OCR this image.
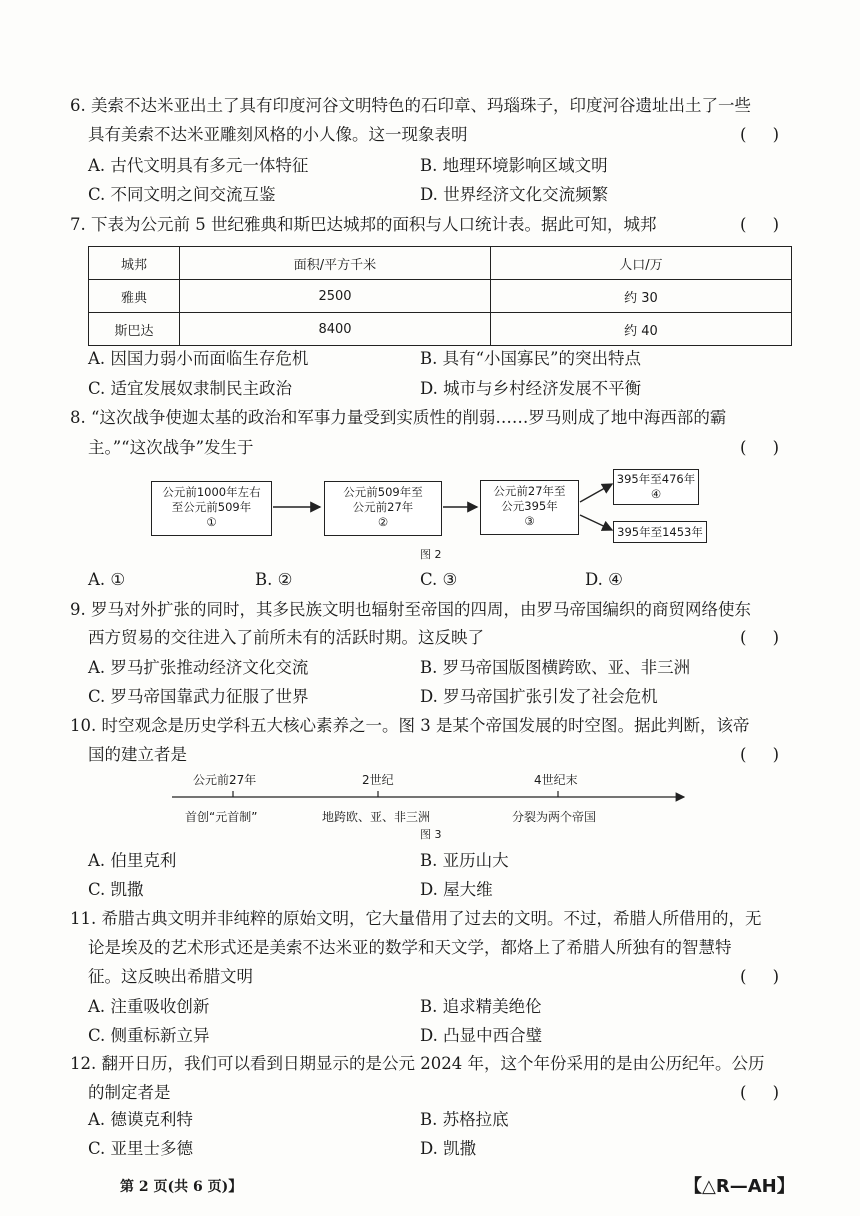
6. 美索不达米亚出土了具有印度河谷文明特色的石印章、玛瑙珠子，印度河谷遗址出土了一些
具有美索不达米亚雕刻风格的小人像。这一现象表明	(     )
A. 古代文明具有多元一体特征	B. 地理环境影响区域文明
C. 不同文明之间交流互鉴	D. 世界经济文化交流频繁
7. 下表为公元前 5 世纪雅典和斯巴达城邦的面积与人口统计表。据此可知，城邦	(     )
城邦	面积/平方千米	人口/万
雅典	2500	约 30
斯巴达	8400	约 40
A. 因国力弱小而面临生存危机	B. 具有“小国寡民”的突出特点
C. 适宜发展奴隶制民主政治	D. 城市与乡村经济发展不平衡
8. “这次战争使迦太基的政治和军事力量受到实质性的削弱……罗马则成了地中海西部的霸
主。”“这次战争”发生于	(     )
公元前1000年左右
至公元前509年
①
公元前509年至
公元前27年
②
公元前27年至
公元395年
③
395年至476年
④
395年至1453年
图 2
A. ①	B. ②	C. ③	D. ④
9. 罗马对外扩张的同时，其多民族文明也辐射至帝国的四周，由罗马帝国编织的商贸网络使东
西方贸易的交往进入了前所未有的活跃时期。这反映了	(     )
A. 罗马扩张推动经济文化交流	B. 罗马帝国版图横跨欧、亚、非三洲
C. 罗马帝国靠武力征服了世界	D. 罗马帝国扩张引发了社会危机
10. 时空观念是历史学科五大核心素养之一。图 3 是某个帝国发展的时空图。据此判断，该帝
国的建立者是	(     )
公元前27年	2世纪	4世纪末
首创“元首制”	地跨欧、亚、非三洲	分裂为两个帝国
图 3
A. 伯里克利	B. 亚历山大
C. 凯撒	D. 屋大维
11. 希腊古典文明并非纯粹的原始文明，它大量借用了过去的文明。不过，希腊人所借用的，无
论是埃及的艺术形式还是美索不达米亚的数学和天文学，都烙上了希腊人所独有的智慧特
征。这反映出希腊文明	(     )
A. 注重吸收创新	B. 追求精美绝伦
C. 侧重标新立异	D. 凸显中西合璧
12. 翻开日历，我们可以看到日期显示的是公元 2024 年，这个年份采用的是由公历纪年。公历
的制定者是	(     )
A. 德谟克利特	B. 苏格拉底
C. 亚里士多德	D. 凯撒
第 2 页(共 6 页)】	【△R—AH】
